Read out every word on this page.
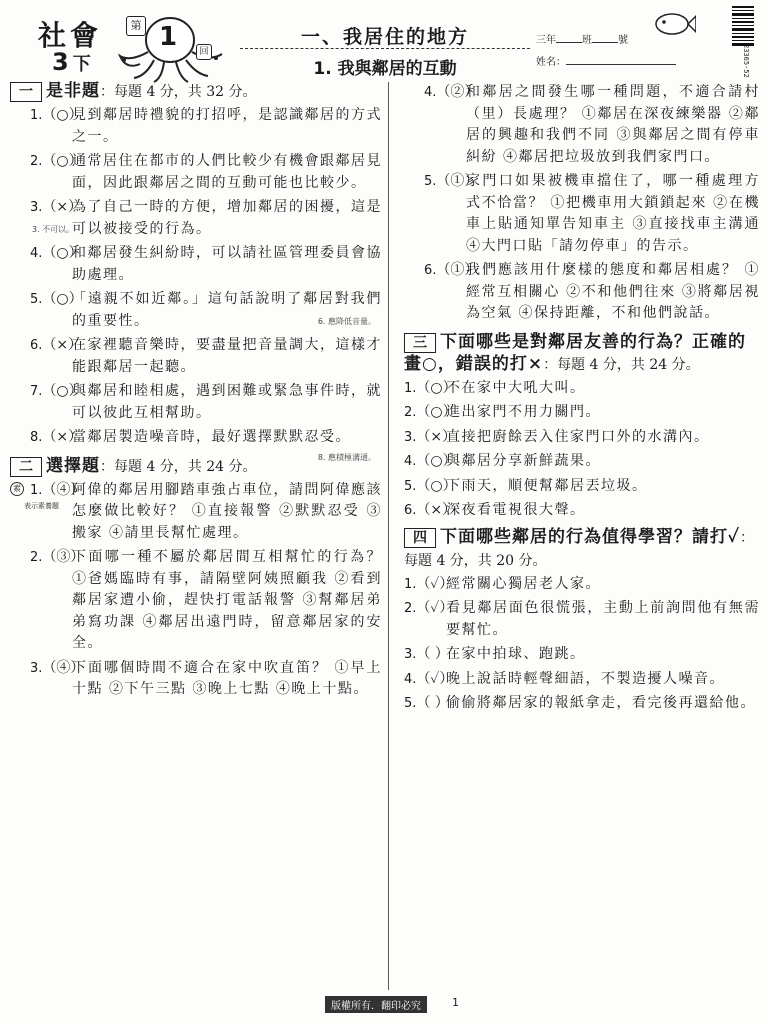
社會
3 下
第 1	回
一、我居住的地方
1. 我與鄰居的互動
三年	班	號
姓名：	23365-52
一 是非題：每題 4 分，共 32 分。
1.（○）
見到鄰居時禮貌的打招呼，是認識鄰居的方式之一。
2.（○）
通常居住在都市的人們比較少有機會跟鄰居見面，因此跟鄰居之間的互動可能也比較少。
3.（×）
為了自己一時的方便，增加鄰居的困擾，這是可以被接受的行為。
3. 不可以。
4.（○）
和鄰居發生糾紛時，可以請社區管理委員會協助處理。
5.（○）
「遠親不如近鄰。」這句話說明了鄰居對我們的重要性。	6. 應降低音量。
6.（×）
在家裡聽音樂時，要盡量把音量調大，這樣才能跟鄰居一起聽。
7.（○）
與鄰居和睦相處，遇到困難或緊急事件時，就可以彼此互相幫助。
8.（×）
當鄰居製造噪音時，最好選擇默默忍受。
8. 應積極溝通。
二 選擇題：每題 4 分，共 24 分。
素
表示素養題
1.（④）
阿偉的鄰居用腳踏車強占車位，請問阿偉應該怎麼做比較好？ ①直接報警 ②默默忍受 ③搬家 ④請里長幫忙處理。
2.（③）
下面哪一種不屬於鄰居間互相幫忙的行為？ ①爸媽臨時有事，請隔壁阿姨照顧我 ②看到鄰居家遭小偷，趕快打電話報警 ③幫鄰居弟弟寫功課 ④鄰居出遠門時，留意鄰居家的安全。
3.（④）
下面哪個時間不適合在家中吹直笛？ ①早上十點 ②下午三點 ③晚上七點 ④晚上十點。
4.（②）
和鄰居之間發生哪一種問題，不適合請村（里）長處理？ ①鄰居在深夜練樂器 ②鄰居的興趣和我們不同 ③與鄰居之間有停車糾紛 ④鄰居把垃圾放到我們家門口。
5.（①）
家門口如果被機車擋住了，哪一種處理方式不恰當？ ①把機車用大鎖鎖起來 ②在機車上貼通知單告知車主 ③直接找車主溝通 ④大門口貼「請勿停車」的告示。
6.（①）
我們應該用什麼樣的態度和鄰居相處？ ①經常互相關心 ②不和他們往來 ③將鄰居視為空氣 ④保持距離，不和他們說話。
三 下面哪些是對鄰居友善的行為？正確的畫○，錯誤的打×：每題 4 分，共 24 分。
1.（○）
不在家中大吼大叫。
2.（○）
進出家門不用力關門。
3.（×）
直接把廚餘丟入住家門口外的水溝內。
4.（○）
與鄰居分享新鮮蔬果。
5.（○）
下雨天，順便幫鄰居丟垃圾。
6.（×）
深夜看電視很大聲。
四 下面哪些鄰居的行為值得學習？請打✓：每題 4 分，共 20 分。
1.（✓）
經常關心獨居老人家。
2.（✓）
看見鄰居面色很慌張，主動上前詢問他有無需要幫忙。
3.（ ）
在家中拍球、跑跳。
4.（✓）
晚上說話時輕聲細語，不製造擾人噪音。
5.（ ）
偷偷將鄰居家的報紙拿走，看完後再還給他。
版權所有．翻印必究	1
